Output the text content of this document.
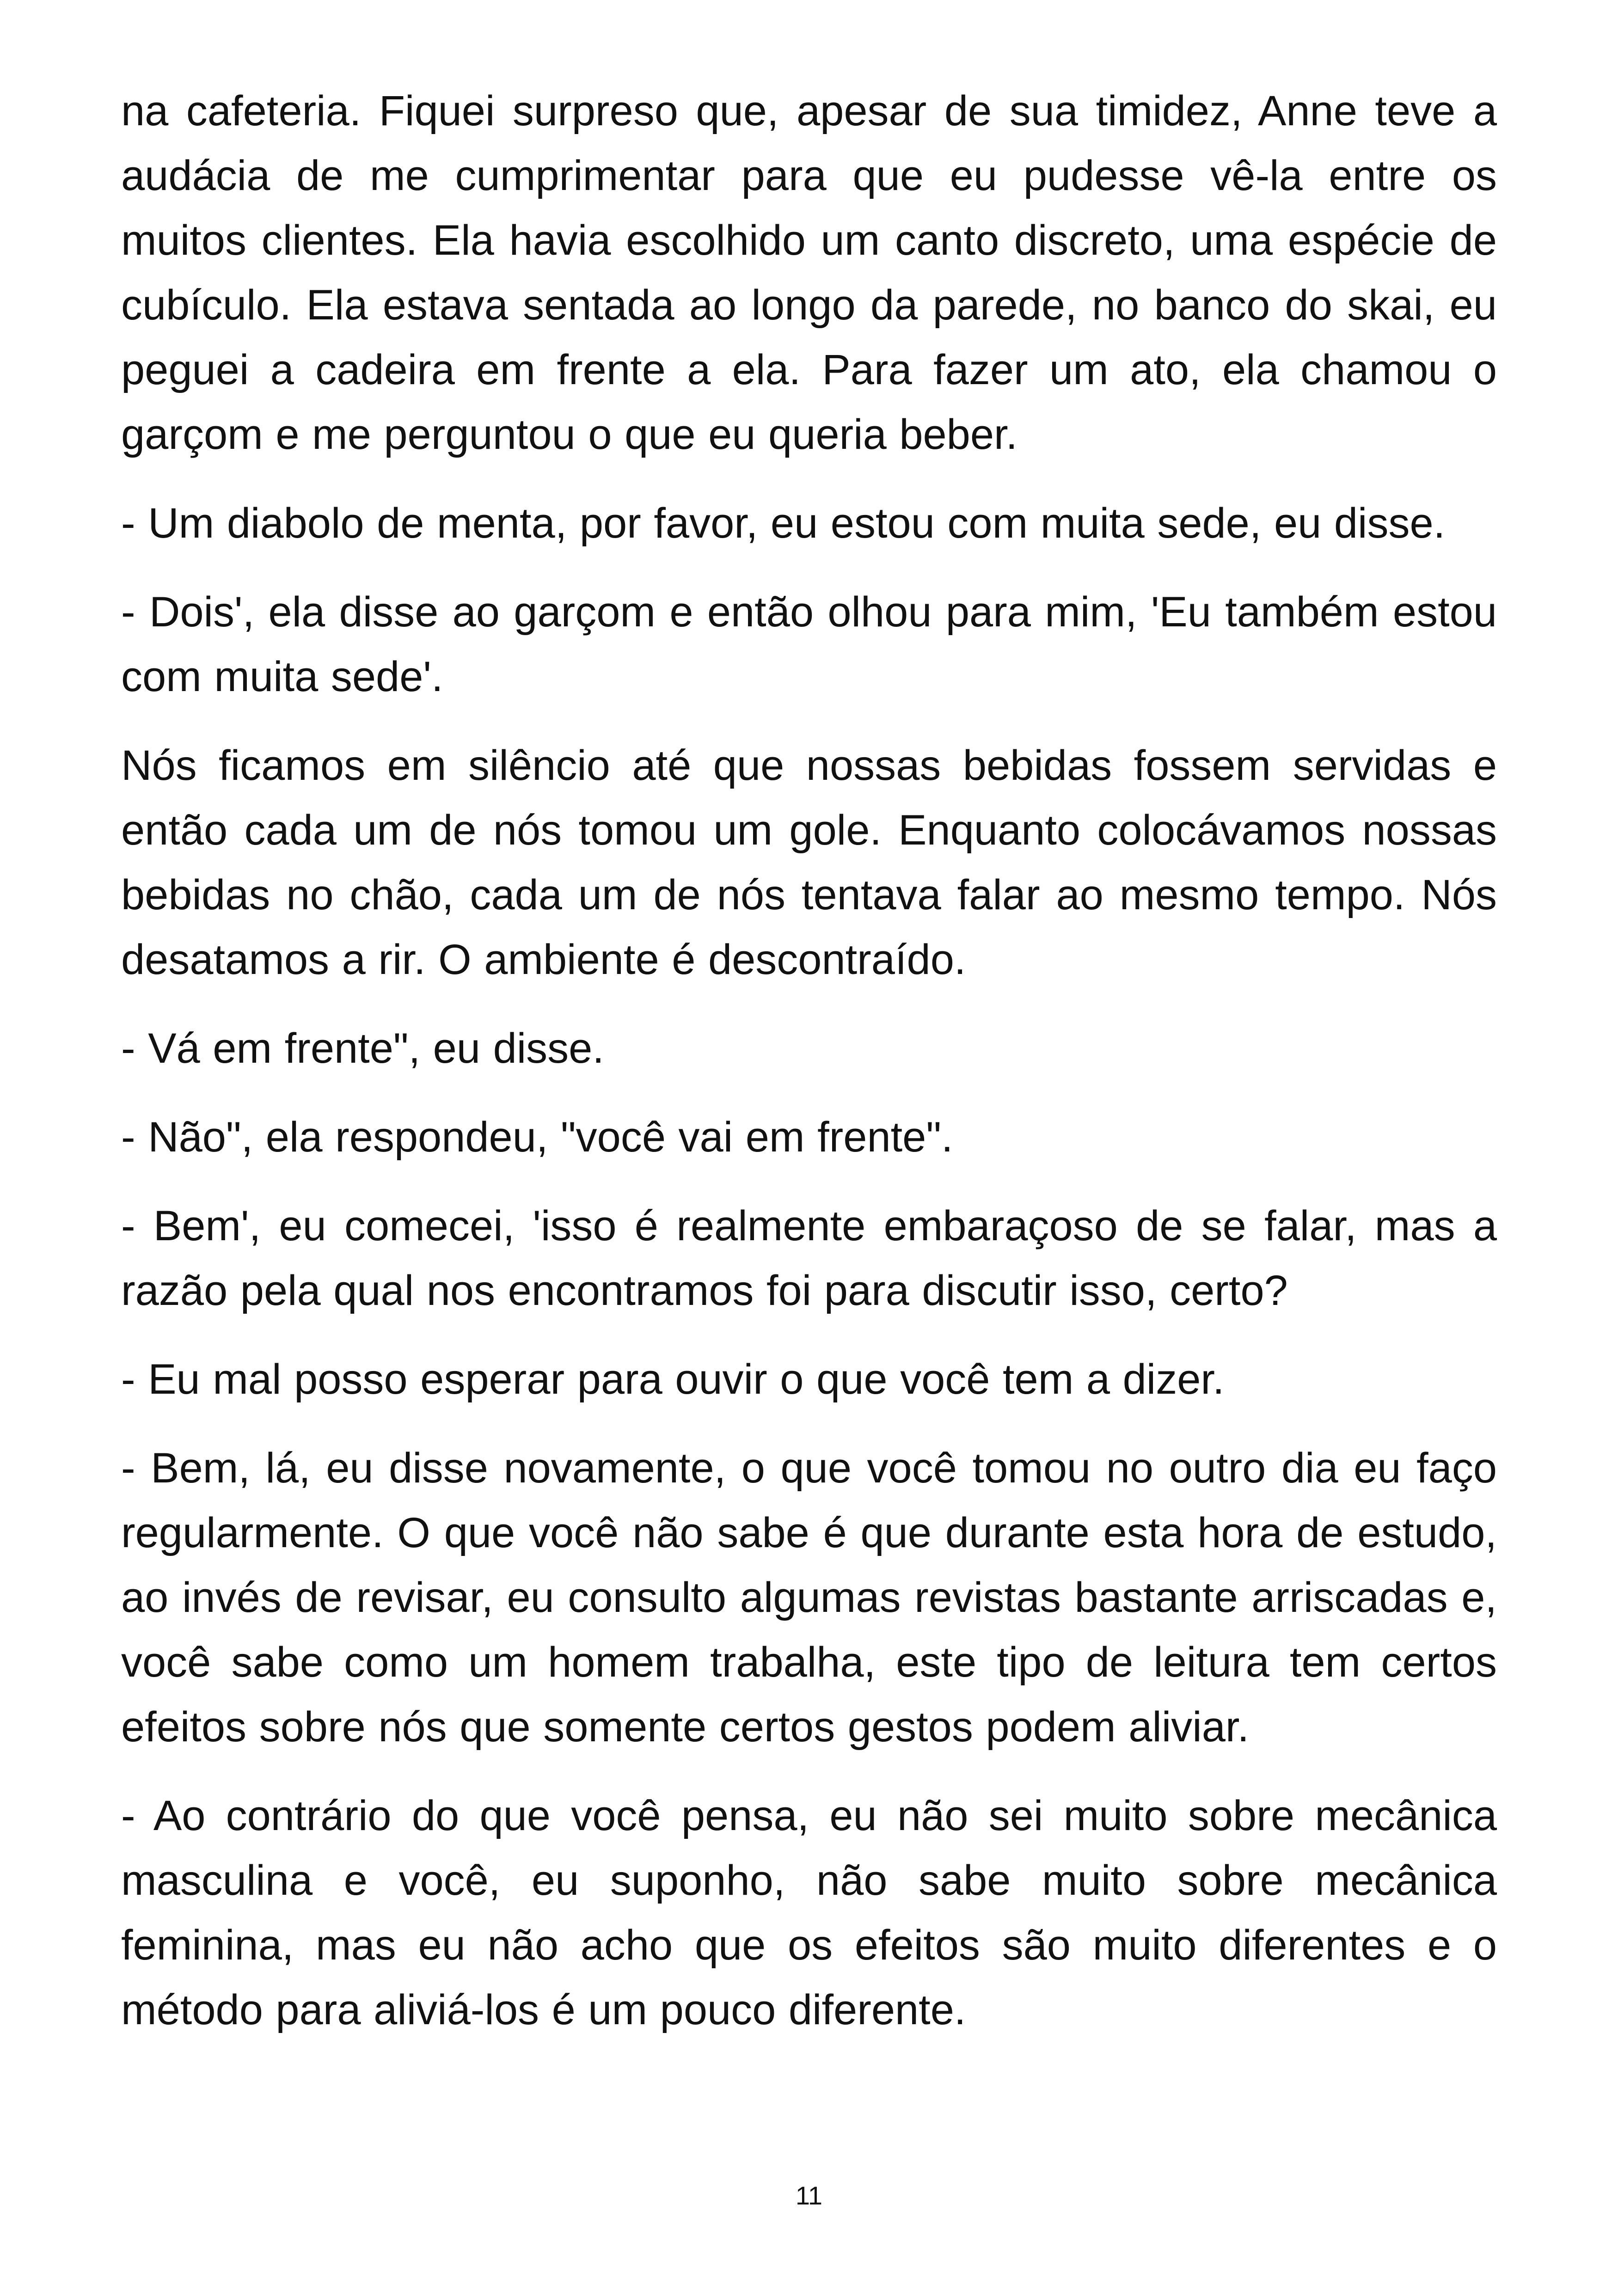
na cafeteria. Fiquei surpreso que, apesar de sua timidez, Anne teve a audácia de me cumprimentar para que eu pudesse vê-la entre os muitos clientes. Ela havia escolhido um canto discreto, uma espécie de cubículo. Ela estava sentada ao longo da parede, no banco do skai, eu peguei a cadeira em frente a ela. Para fazer um ato, ela chamou o garçom e me perguntou o que eu queria beber.

- Um diabolo de menta, por favor, eu estou com muita sede, eu disse.

- Dois', ela disse ao garçom e então olhou para mim, 'Eu também estou com muita sede'.

Nós ficamos em silêncio até que nossas bebidas fossem servidas e então cada um de nós tomou um gole. Enquanto colocávamos nossas bebidas no chão, cada um de nós tentava falar ao mesmo tempo. Nós desatamos a rir. O ambiente é descontraído.

- Vá em frente", eu disse.

- Não", ela respondeu, "você vai em frente".

- Bem', eu comecei, 'isso é realmente embaraçoso de se falar, mas a razão pela qual nos encontramos foi para discutir isso, certo?

- Eu mal posso esperar para ouvir o que você tem a dizer.

- Bem, lá, eu disse novamente, o que você tomou no outro dia eu faço regularmente. O que você não sabe é que durante esta hora de estudo, ao invés de revisar, eu consulto algumas revistas bastante arriscadas e, você sabe como um homem trabalha, este tipo de leitura tem certos efeitos sobre nós que somente certos gestos podem aliviar.

- Ao contrário do que você pensa, eu não sei muito sobre mecânica masculina e você, eu suponho, não sabe muito sobre mecânica feminina, mas eu não acho que os efeitos são muito diferentes e o método para aliviá-los é um pouco diferente.

11
